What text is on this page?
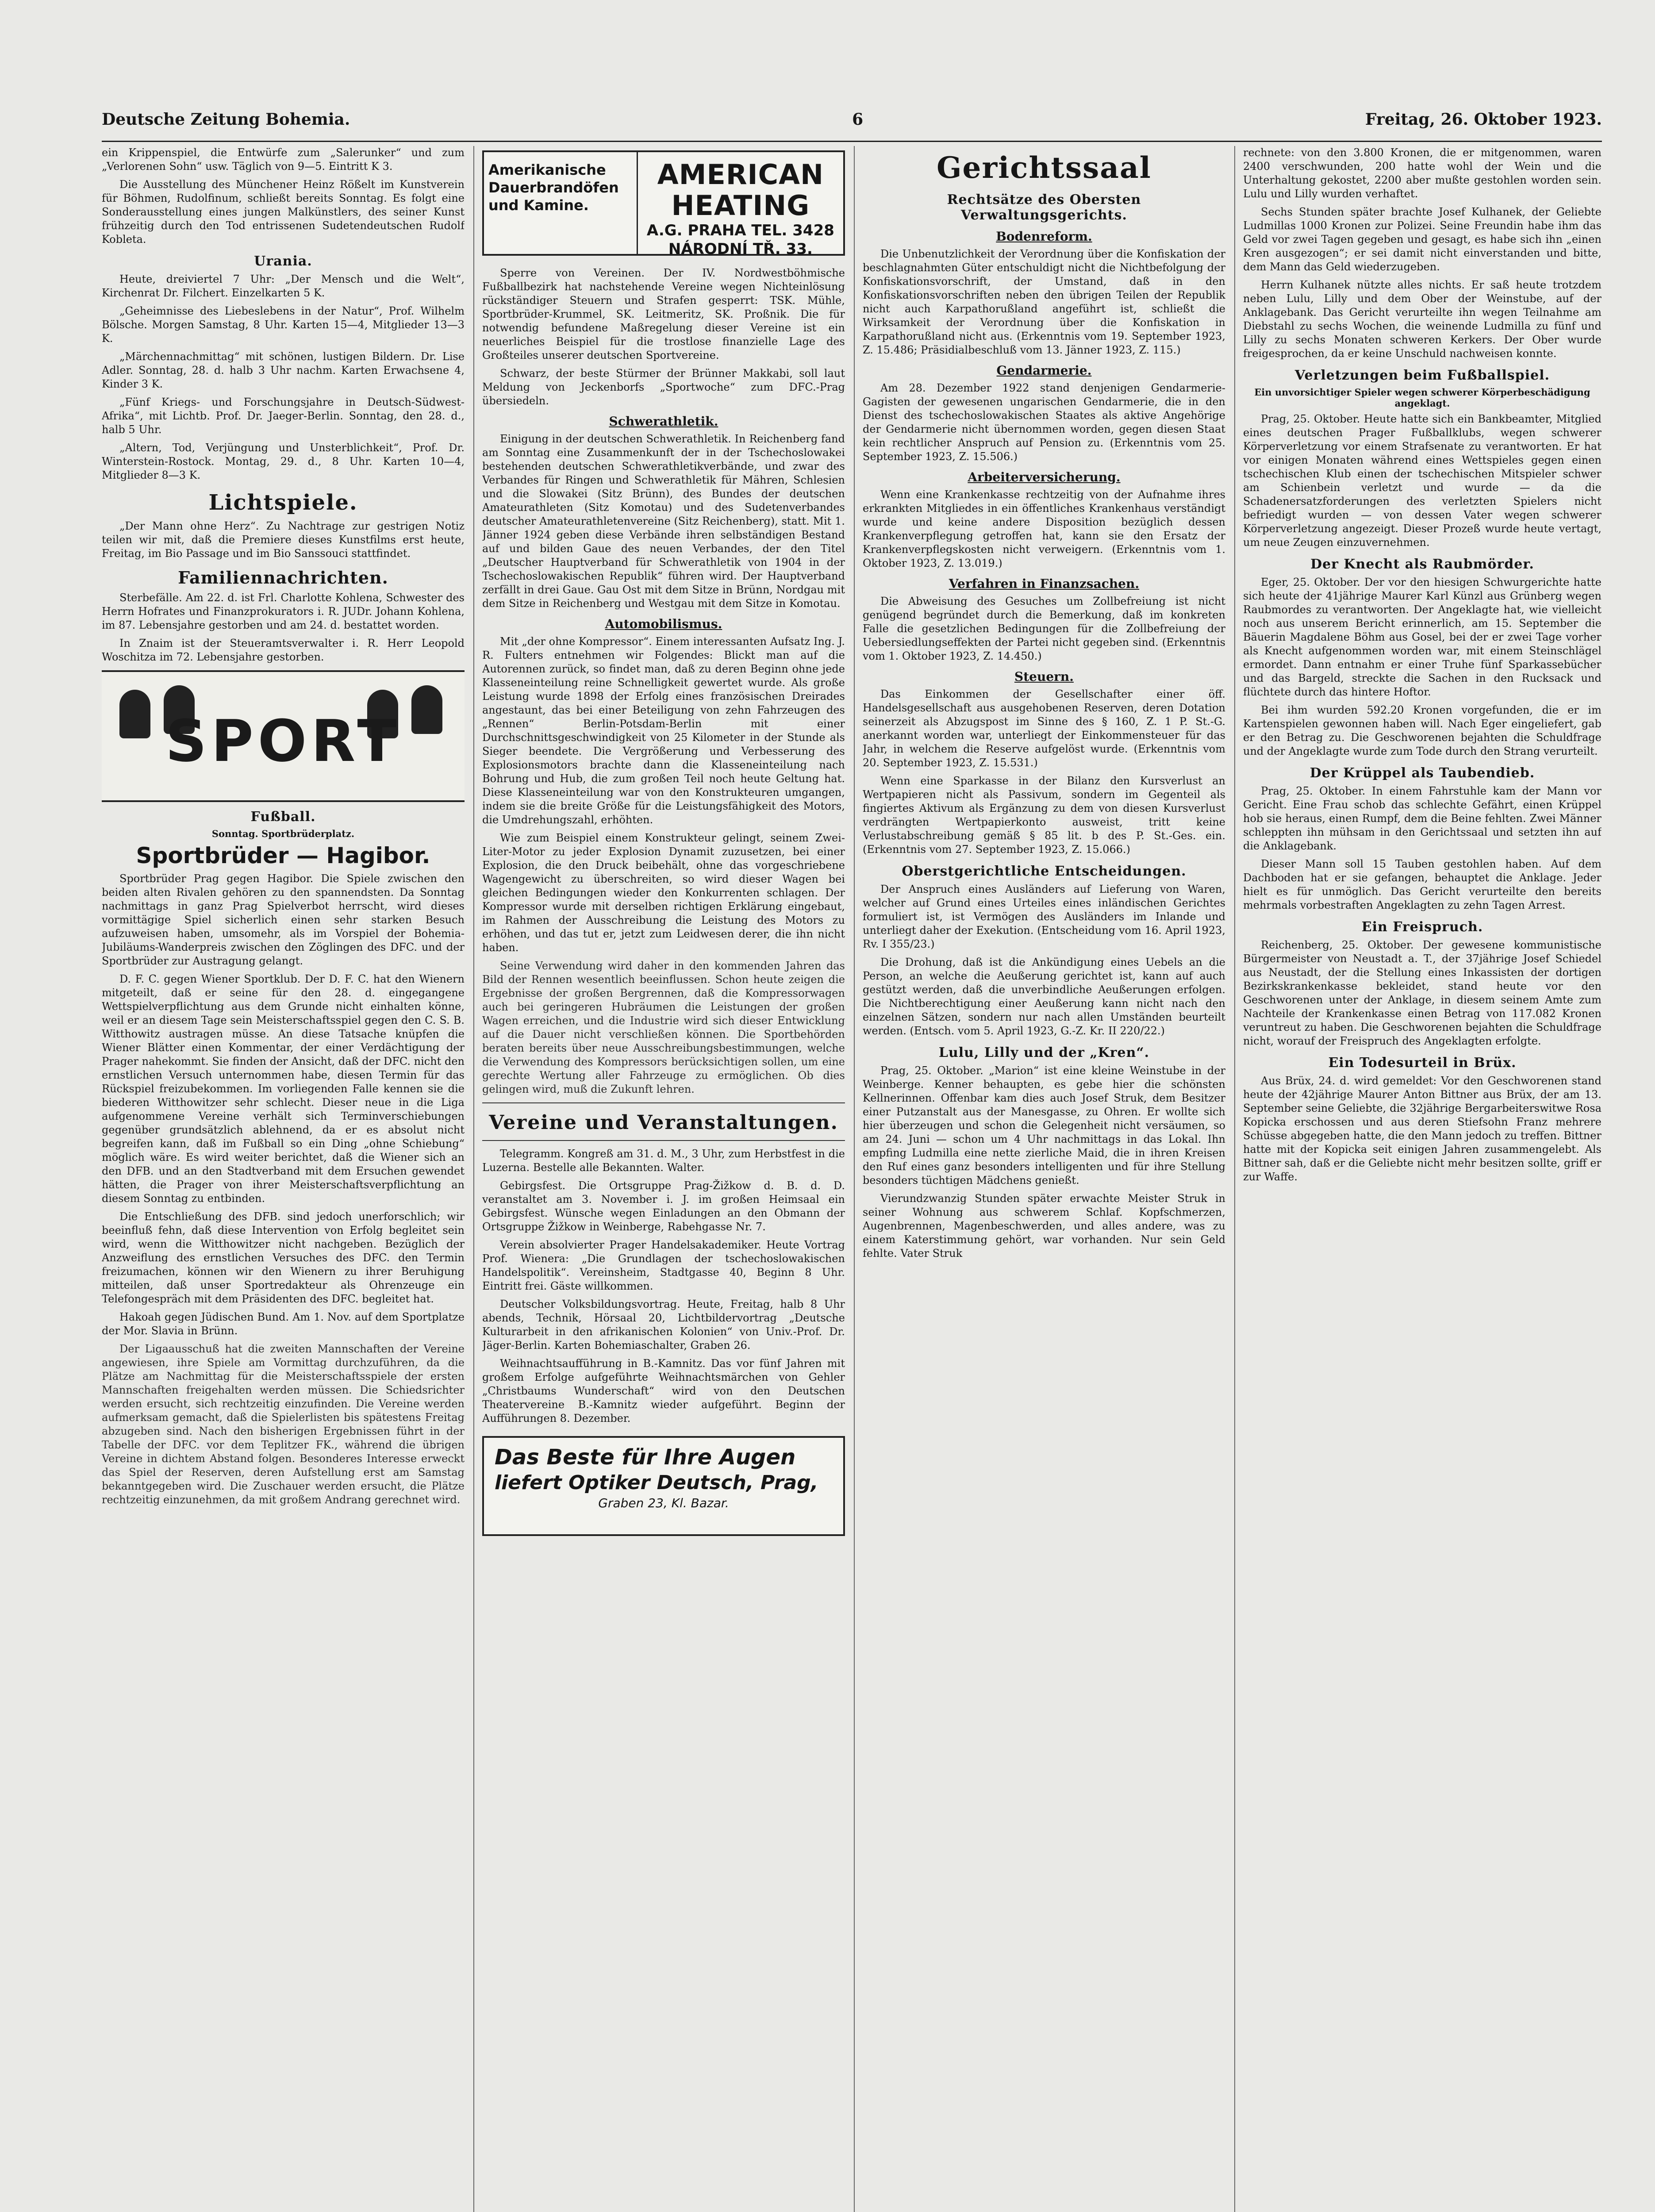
Deutsche Zeitung Bohemia.	6	Freitag, 26. Oktober 1923.

ein Krippenspiel, die Entwürfe zum „Salerunker“ und zum „Verlorenen Sohn“ usw. Täglich von 9—5. Eintritt K 3.

Die Ausstellung des Münchener Heinz Rößelt im Kunstverein für Böhmen, Rudolfinum, schließt bereits Sonntag. Es folgt eine Sonderausstellung eines jungen Malkünstlers, des seiner Kunst frühzeitig durch den Tod entrissenen Sudetendeutschen Rudolf Kobleta.

Urania.

Heute, dreiviertel 7 Uhr: „Der Mensch und die Welt“, Kirchenrat Dr. Filchert. Einzelkarten 5 K.

„Geheimnisse des Liebeslebens in der Natur“, Prof. Wilhelm Bölsche. Morgen Samstag, 8 Uhr. Karten 15—4, Mitglieder 13—3 K.

„Märchennachmittag“ mit schönen, lustigen Bildern. Dr. Lise Adler. Sonntag, 28. d. halb 3 Uhr nachm. Karten Erwachsene 4, Kinder 3 K.

„Fünf Kriegs- und Forschungsjahre in Deutsch-Südwest-Afrika“, mit Lichtb. Prof. Dr. Jaeger-Berlin. Sonntag, den 28. d., halb 5 Uhr.

„Altern, Tod, Verjüngung und Unsterblichkeit“, Prof. Dr. Winterstein-Rostock. Montag, 29. d., 8 Uhr. Karten 10—4, Mitglieder 8—3 K.

Lichtspiele.

„Der Mann ohne Herz“. Zu Nachtrage zur gestrigen Notiz teilen wir mit, daß die Premiere dieses Kunstfilms erst heute, Freitag, im Bio Passage und im Bio Sanssouci stattfindet.

Familiennachrichten.

Sterbefälle. Am 22. d. ist Frl. Charlotte Kohlena, Schwester des Herrn Hofrates und Finanzprokurators i. R. JUDr. Johann Kohlena, im 87. Lebensjahre gestorben und am 24. d. bestattet worden.

In Znaim ist der Steueramtsverwalter i. R. Herr Leopold Woschitza im 72. Lebensjahre gestorben.

SPORT
Fußball.
Sonntag. Sportbrüderplatz.
Sportbrüder — Hagibor.

Sportbrüder Prag gegen Hagibor. Die Spiele zwischen den beiden alten Rivalen gehören zu den spannendsten. Da Sonntag nachmittags in ganz Prag Spielverbot herrscht, wird dieses vormittägige Spiel sicherlich einen sehr starken Besuch aufzuweisen haben, umsomehr, als im Vorspiel der Bohemia-Jubiläums-Wanderpreis zwischen den Zöglingen des DFC. und der Sportbrüder zur Austragung gelangt.

D. F. C. gegen Wiener Sportklub. Der D. F. C. hat den Wienern mitgeteilt, daß er seine für den 28. d. eingegangene Wettspielverpflichtung aus dem Grunde nicht einhalten könne, weil er an diesem Tage sein Meisterschaftsspiel gegen den C. S. B. Witthowitz austragen müsse. An diese Tatsache knüpfen die Wiener Blätter einen Kommentar, der einer Verdächtigung der Prager nahekommt. Sie finden der Ansicht, daß der DFC. nicht den ernstlichen Versuch unternommen habe, diesen Termin für das Rückspiel freizubekommen. Im vorliegenden Falle kennen sie die biederen Witthowitzer sehr schlecht. Dieser neue in die Liga aufgenommene Vereine verhält sich Terminverschiebungen gegenüber grundsätzlich ablehnend, da er es absolut nicht begreifen kann, daß im Fußball so ein Ding „ohne Schiebung“ möglich wäre. Es wird weiter berichtet, daß die Wiener sich an den DFB. und an den Stadtverband mit dem Ersuchen gewendet hätten, die Prager von ihrer Meisterschaftsverpflichtung an diesem Sonntag zu entbinden.

Die Entschließung des DFB. sind jedoch unerforschlich; wir beeinfluß fehn, daß diese Intervention von Erfolg begleitet sein wird, wenn die Witthowitzer nicht nachgeben. Bezüglich der Anzweiflung des ernstlichen Versuches des DFC. den Termin freizumachen, können wir den Wienern zu ihrer Beruhigung mitteilen, daß unser Sportredakteur als Ohrenzeuge ein Telefongespräch mit dem Präsidenten des DFC. begleitet hat.

Hakoah gegen Jüdischen Bund. Am 1. Nov. auf dem Sportplatze der Mor. Slavia in Brünn.

Der Ligaausschuß hat die zweiten Mannschaften der Vereine angewiesen, ihre Spiele am Vormittag durchzuführen, da die Plätze am Nachmittag für die Meisterschaftsspiele der ersten Mannschaften freigehalten werden müssen. Die Schiedsrichter werden ersucht, sich rechtzeitig einzufinden. Die Vereine werden aufmerksam gemacht, daß die Spielerlisten bis spätestens Freitag abzugeben sind. Nach den bisherigen Ergebnissen führt in der Tabelle der DFC. vor dem Teplitzer FK., während die übrigen Vereine in dichtem Abstand folgen. Besonderes Interesse erweckt das Spiel der Reserven, deren Aufstellung erst am Samstag bekanntgegeben wird. Die Zuschauer werden ersucht, die Plätze rechtzeitig einzunehmen, da mit großem Andrang gerechnet wird.

Amerikanische Dauerbrandöfen und Kamine.
AMERICAN HEATING
A.G. PRAHA TEL. 3428
NÁRODNÍ TŘ. 33.

Sperre von Vereinen. Der IV. Nordwestböhmische Fußballbezirk hat nachstehende Vereine wegen Nichteinlösung rückständiger Steuern und Strafen gesperrt: TSK. Mühle, Sportbrüder-Krummel, SK. Leitmeritz, SK. Proßnik. Die für notwendig befundene Maßregelung dieser Vereine ist ein neuerliches Beispiel für die trostlose finanzielle Lage des Großteiles unserer deutschen Sportvereine.

Schwarz, der beste Stürmer der Brünner Makkabi, soll laut Meldung von Jeckenborfs „Sportwoche“ zum DFC.-Prag übersiedeln.

Schwerathletik.

Einigung in der deutschen Schwerathletik. In Reichenberg fand am Sonntag eine Zusammenkunft der in der Tschechoslowakei bestehenden deutschen Schwerathletikverbände, und zwar des Verbandes für Ringen und Schwerathletik für Mähren, Schlesien und die Slowakei (Sitz Brünn), des Bundes der deutschen Amateurathleten (Sitz Komotau) und des Sudetenverbandes deutscher Amateurathletenvereine (Sitz Reichenberg), statt. Mit 1. Jänner 1924 geben diese Verbände ihren selbständigen Bestand auf und bilden Gaue des neuen Verbandes, der den Titel „Deutscher Hauptverband für Schwerathletik von 1904 in der Tschechoslowakischen Republik“ führen wird. Der Hauptverband zerfällt in drei Gaue. Gau Ost mit dem Sitze in Brünn, Nordgau mit dem Sitze in Reichenberg und Westgau mit dem Sitze in Komotau.

Automobilismus.

Mit „der ohne Kompressor“. Einem interessanten Aufsatz Ing. J. R. Fulters entnehmen wir Folgendes: Blickt man auf die Autorennen zurück, so findet man, daß zu deren Beginn ohne jede Klasseneinteilung reine Schnelligkeit gewertet wurde. Als große Leistung wurde 1898 der Erfolg eines französischen Dreirades angestaunt, das bei einer Beteiligung von zehn Fahrzeugen des „Rennen“ Berlin-Potsdam-Berlin mit einer Durchschnittsgeschwindigkeit von 25 Kilometer in der Stunde als Sieger beendete. Die Vergrößerung und Verbesserung des Explosionsmotors brachte dann die Klasseneinteilung nach Bohrung und Hub, die zum großen Teil noch heute Geltung hat. Diese Klasseneinteilung war von den Konstrukteuren umgangen, indem sie die breite Größe für die Leistungsfähigkeit des Motors, die Umdrehungszahl, erhöhten.

Wie zum Beispiel einem Konstrukteur gelingt, seinem Zwei-Liter-Motor zu jeder Explosion Dynamit zuzusetzen, bei einer Explosion, die den Druck beibehält, ohne das vorgeschriebene Wagengewicht zu überschreiten, so wird dieser Wagen bei gleichen Bedingungen wieder den Konkurrenten schlagen. Der Kompressor wurde mit derselben richtigen Erklärung eingebaut, im Rahmen der Ausschreibung die Leistung des Motors zu erhöhen, und das tut er, jetzt zum Leidwesen derer, die ihn nicht haben.

Seine Verwendung wird daher in den kommenden Jahren das Bild der Rennen wesentlich beeinflussen. Schon heute zeigen die Ergebnisse der großen Bergrennen, daß die Kompressorwagen auch bei geringeren Hubräumen die Leistungen der großen Wagen erreichen, und die Industrie wird sich dieser Entwicklung auf die Dauer nicht verschließen können. Die Sportbehörden beraten bereits über neue Ausschreibungsbestimmungen, welche die Verwendung des Kompressors berücksichtigen sollen, um eine gerechte Wertung aller Fahrzeuge zu ermöglichen. Ob dies gelingen wird, muß die Zukunft lehren.

Vereine und Veranstaltungen.

Telegramm. Kongreß am 31. d. M., 3 Uhr, zum Herbstfest in die Luzerna. Bestelle alle Bekannten. Walter.

Gebirgsfest. Die Ortsgruppe Prag-Žižkow d. B. d. D. veranstaltet am 3. November i. J. im großen Heimsaal ein Gebirgsfest. Wünsche wegen Einladungen an den Obmann der Ortsgruppe Žižkow in Weinberge, Rabehgasse Nr. 7.

Verein absolvierter Prager Handelsakademiker. Heute Vortrag Prof. Wienera: „Die Grundlagen der tschechoslowakischen Handelspolitik“. Vereinsheim, Stadtgasse 40, Beginn 8 Uhr. Eintritt frei. Gäste willkommen.

Deutscher Volksbildungsvortrag. Heute, Freitag, halb 8 Uhr abends, Technik, Hörsaal 20, Lichtbildervortrag „Deutsche Kulturarbeit in den afrikanischen Kolonien“ von Univ.-Prof. Dr. Jäger-Berlin. Karten Bohemiaschalter, Graben 26.

Weihnachtsaufführung in B.-Kamnitz. Das vor fünf Jahren mit großem Erfolge aufgeführte Weihnachtsmärchen von Gehler „Christbaums Wunderschaft“ wird von den Deutschen Theatervereine B.-Kamnitz wieder aufgeführt. Beginn der Aufführungen 8. Dezember.

Das Beste für Ihre Augen
liefert Optiker Deutsch, Prag,
Graben 23, Kl. Bazar.
Gerichtssaal
Rechtsätze des Obersten Verwaltungsgerichts.
Bodenreform.

Die Unbenutzlichkeit der Verordnung über die Konfiskation der beschlagnahmten Güter entschuldigt nicht die Nichtbefolgung der Konfiskationsvorschrift, der Umstand, daß in den Konfiskationsvorschriften neben den übrigen Teilen der Republik nicht auch Karpathorußland angeführt ist, schließt die Wirksamkeit der Verordnung über die Konfiskation in Karpathorußland nicht aus. (Erkenntnis vom 19. September 1923, Z. 15.486; Präsidialbeschluß vom 13. Jänner 1923, Z. 115.)

Gendarmerie.

Am 28. Dezember 1922 stand denjenigen Gendarmerie-Gagisten der gewesenen ungarischen Gendarmerie, die in den Dienst des tschechoslowakischen Staates als aktive Angehörige der Gendarmerie nicht übernommen worden, gegen diesen Staat kein rechtlicher Anspruch auf Pension zu. (Erkenntnis vom 25. September 1923, Z. 15.506.)

Arbeiterversicherung.

Wenn eine Krankenkasse rechtzeitig von der Aufnahme ihres erkrankten Mitgliedes in ein öffentliches Krankenhaus verständigt wurde und keine andere Disposition bezüglich dessen Krankenverpflegung getroffen hat, kann sie den Ersatz der Krankenverpflegskosten nicht verweigern. (Erkenntnis vom 1. Oktober 1923, Z. 13.019.)

Verfahren in Finanzsachen.

Die Abweisung des Gesuches um Zollbefreiung ist nicht genügend begründet durch die Bemerkung, daß im konkreten Falle die gesetzlichen Bedingungen für die Zollbefreiung der Uebersiedlungseffekten der Partei nicht gegeben sind. (Erkenntnis vom 1. Oktober 1923, Z. 14.450.)

Steuern.

Das Einkommen der Gesellschafter einer öff. Handelsgesellschaft aus ausgehobenen Reserven, deren Dotation seinerzeit als Abzugspost im Sinne des § 160, Z. 1 P. St.-G. anerkannt worden war, unterliegt der Einkommensteuer für das Jahr, in welchem die Reserve aufgelöst wurde. (Erkenntnis vom 20. September 1923, Z. 15.531.)

Wenn eine Sparkasse in der Bilanz den Kursverlust an Wertpapieren nicht als Passivum, sondern im Gegenteil als fingiertes Aktivum als Ergänzung zu dem von diesen Kursverlust verdrängten Wertpapierkonto ausweist, tritt keine Verlustabschreibung gemäß § 85 lit. b des P. St.-Ges. ein. (Erkenntnis vom 27. September 1923, Z. 15.066.)

Oberstgerichtliche Entscheidungen.

Der Anspruch eines Ausländers auf Lieferung von Waren, welcher auf Grund eines Urteiles eines inländischen Gerichtes formuliert ist, ist Vermögen des Ausländers im Inlande und unterliegt daher der Exekution. (Entscheidung vom 16. April 1923, Rv. I 355/23.)

Die Drohung, daß ist die Ankündigung eines Uebels an die Person, an welche die Aeußerung gerichtet ist, kann auf auch gestützt werden, daß die unverbindliche Aeußerungen erfolgen. Die Nichtberechtigung einer Aeußerung kann nicht nach den einzelnen Sätzen, sondern nur nach allen Umständen beurteilt werden. (Entsch. vom 5. April 1923, G.-Z. Kr. II 220/22.)

Lulu, Lilly und der „Kren“.

Prag, 25. Oktober. „Marion“ ist eine kleine Weinstube in der Weinberge. Kenner behaupten, es gebe hier die schönsten Kellnerinnen. Offenbar kam dies auch Josef Struk, dem Besitzer einer Putzanstalt aus der Manesgasse, zu Ohren. Er wollte sich hier überzeugen und schon die Gelegenheit nicht versäumen, so am 24. Juni — schon um 4 Uhr nachmittags in das Lokal. Ihn empfing Ludmilla eine nette zierliche Maid, die in ihren Kreisen den Ruf eines ganz besonders intelligenten und für ihre Stellung besonders tüchtigen Mädchens genießt.

Vierundzwanzig Stunden später erwachte Meister Struk in seiner Wohnung aus schwerem Schlaf. Kopfschmerzen, Augenbrennen, Magenbeschwerden, und alles andere, was zu einem Katerstimmung gehört, war vorhanden. Nur sein Geld fehlte. Vater Struk

rechnete: von den 3.800 Kronen, die er mitgenommen, waren 2400 verschwunden, 200 hatte wohl der Wein und die Unterhaltung gekostet, 2200 aber mußte gestohlen worden sein. Lulu und Lilly wurden verhaftet.

Sechs Stunden später brachte Josef Kulhanek, der Geliebte Ludmillas 1000 Kronen zur Polizei. Seine Freundin habe ihm das Geld vor zwei Tagen gegeben und gesagt, es habe sich ihn „einen Kren ausgezogen“; er sei damit nicht einverstanden und bitte, dem Mann das Geld wiederzugeben.

Herrn Kulhanek nützte alles nichts. Er saß heute trotzdem neben Lulu, Lilly und dem Ober der Weinstube, auf der Anklagebank. Das Gericht verurteilte ihn wegen Teilnahme am Diebstahl zu sechs Wochen, die weinende Ludmilla zu fünf und Lilly zu sechs Monaten schweren Kerkers. Der Ober wurde freigesprochen, da er keine Unschuld nachweisen konnte.

Verletzungen beim Fußballspiel.
Ein unvorsichtiger Spieler wegen schwerer Körperbeschädigung angeklagt.

Prag, 25. Oktober. Heute hatte sich ein Bankbeamter, Mitglied eines deutschen Prager Fußballklubs, wegen schwerer Körperverletzung vor einem Strafsenate zu verantworten. Er hat vor einigen Monaten während eines Wettspieles gegen einen tschechischen Klub einen der tschechischen Mitspieler schwer am Schienbein verletzt und wurde — da die Schadenersatzforderungen des verletzten Spielers nicht befriedigt wurden — von dessen Vater wegen schwerer Körperverletzung angezeigt. Dieser Prozeß wurde heute vertagt, um neue Zeugen einzuvernehmen.

Der Knecht als Raubmörder.

Eger, 25. Oktober. Der vor den hiesigen Schwurgerichte hatte sich heute der 41jährige Maurer Karl Künzl aus Grünberg wegen Raubmordes zu verantworten. Der Angeklagte hat, wie vielleicht noch aus unserem Bericht erinnerlich, am 15. September die Bäuerin Magdalene Böhm aus Gosel, bei der er zwei Tage vorher als Knecht aufgenommen worden war, mit einem Steinschlägel ermordet. Dann entnahm er einer Truhe fünf Sparkassebücher und das Bargeld, streckte die Sachen in den Rucksack und flüchtete durch das hintere Hoftor.

Bei ihm wurden 592.20 Kronen vorgefunden, die er im Kartenspielen gewonnen haben will. Nach Eger eingeliefert, gab er den Betrag zu. Die Geschworenen bejahten die Schuldfrage und der Angeklagte wurde zum Tode durch den Strang verurteilt.

Der Krüppel als Taubendieb.

Prag, 25. Oktober. In einem Fahrstuhle kam der Mann vor Gericht. Eine Frau schob das schlechte Gefährt, einen Krüppel hob sie heraus, einen Rumpf, dem die Beine fehlten. Zwei Männer schleppten ihn mühsam in den Gerichtssaal und setzten ihn auf die Anklagebank.

Dieser Mann soll 15 Tauben gestohlen haben. Auf dem Dachboden hat er sie gefangen, behauptet die Anklage. Jeder hielt es für unmöglich. Das Gericht verurteilte den bereits mehrmals vorbestraften Angeklagten zu zehn Tagen Arrest.

Ein Freispruch.

Reichenberg, 25. Oktober. Der gewesene kommunistische Bürgermeister von Neustadt a. T., der 37jährige Josef Schiedel aus Neustadt, der die Stellung eines Inkassisten der dortigen Bezirkskrankenkasse bekleidet, stand heute vor den Geschworenen unter der Anklage, in diesem seinem Amte zum Nachteile der Krankenkasse einen Betrag von 117.082 Kronen veruntreut zu haben. Die Geschworenen bejahten die Schuldfrage nicht, worauf der Freispruch des Angeklagten erfolgte.

Ein Todesurteil in Brüx.

Aus Brüx, 24. d. wird gemeldet: Vor den Geschworenen stand heute der 42jährige Maurer Anton Bittner aus Brüx, der am 13. September seine Geliebte, die 32jährige Bergarbeiterswitwe Rosa Kopicka erschossen und aus deren Stiefsohn Franz mehrere Schüsse abgegeben hatte, die den Mann jedoch zu treffen. Bittner hatte mit der Kopicka seit einigen Jahren zusammengelebt. Als Bittner sah, daß er die Geliebte nicht mehr besitzen sollte, griff er zur Waffe.
